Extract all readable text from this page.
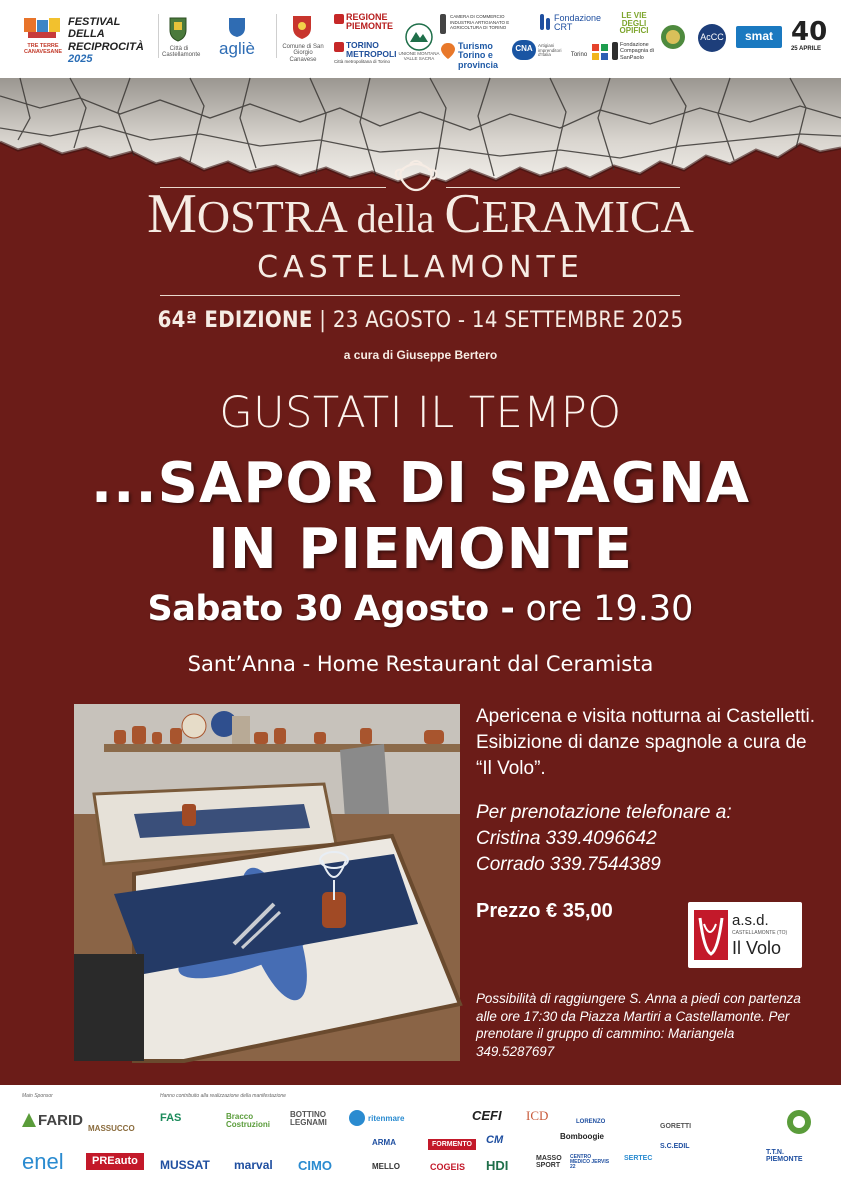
TRE TERRE CANAVESANE
FESTIVAL DELLA
RECIPROCITÀ
2025
Città di Castellamonte agliè	Comune di San Giorgio Canavese
REGIONE PIEMONTE
TORINO METROPOLI
Città metropolitana di Torino
UNIONE MONTANA VALLE SACRA
CAMERA DI COMMERCIO INDUSTRIA ARTIGIANATO E AGRICOLTURA DI TORINO
Turismo Torino e provincia
CNA Artigiani imprenditori d'Italia
Fondazione CRT
Torino
LE VIE DEGLI OPIFICI
Fondazione Compagnia di SanPaolo
AcCC	smat 40
25 APRILE
MOSTRA della CERAMICA
CASTELLAMONTE
64ª EDIZIONE | 23 AGOSTO - 14 SETTEMBRE 2025
a cura di Giuseppe Bertero
GUSTATI IL TEMPO
...SAPOR DI SPAGNA
IN PIEMONTE
Sabato 30 Agosto - ore 19.30
Sant’Anna - Home Restaurant dal Ceramista
Apericena e visita notturna ai Castelletti. Esibizione di danze spagnole a cura de “Il Volo”.
Per prenotazione telefonare a:
Cristina 339.4096642
Corrado 339.7544389
Prezzo € 35,00	a.s.d.
CASTELLAMONTE (TO)
Il Volo
Possibilità di raggiungere S. Anna a piedi con partenza alle ore 17:30 da Piazza Martiri a Castellamonte. Per prenotare il gruppo di cammino: Mariangela 349.5287697
Main Sponsor	Hanno contribuito alla realizzazione della manifestazione
FARID MASSUCCO
enel	PREauto
FAS	Bracco Costruzioni
BOTTINO LEGNAMI	ritenmare	CEFI ICD	LORENZO
GORETTI
MUSSAT marval CIMO
ARMA
MELLO
FORMENTO
COGEIS
CM
HDI
Bomboogie
MASSO SPORT
CENTRO MEDICO JERVIS 22
SERTEC
S.C.EDIL
T.T.N. PIEMONTE
